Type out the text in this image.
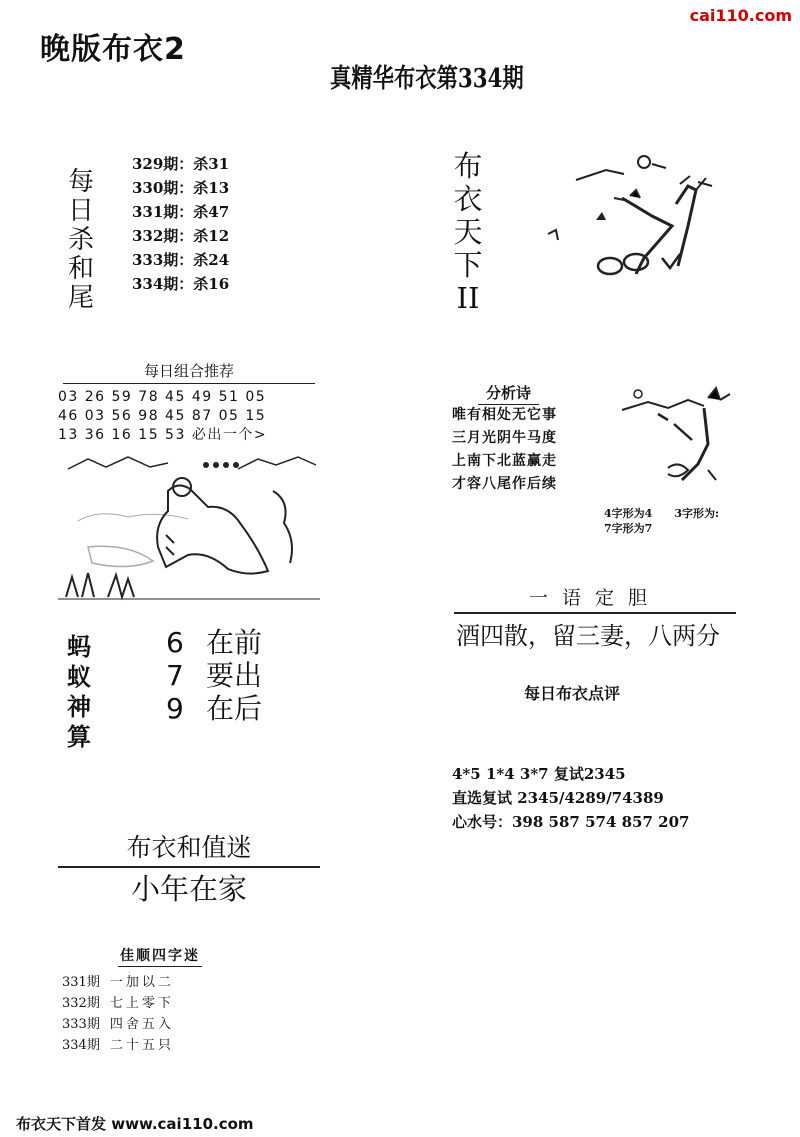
cai110.com
晚版布衣2
真精华布衣第334期
每
日
杀
和
尾
329期：杀31
330期：杀13
331期：杀47
332期：杀12
333期：杀24
334期：杀16
每日组合推荐
03 26 59 78 45 49 51 05
46 03 56 98 45 87 05 15
13 36 16 15 53 必出一个>
蚂
蚁
神
算
6 在前
7 要出
9 在后
布衣和值迷
小年在家
佳顺四字迷
331期 一加以二
332期 七上零下
333期 四舍五入
334期 二十五只
布衣天下首发 www.cai110.com
布
衣
天
下
II
分析诗
唯有相处无它事
三月光阴牛马度
上南下北蓝赢走
才容八尾作后续
4字形为4 3字形为:
7字形为7
一语定胆
酒四散，留三妻，八两分
每日布衣点评
4*5 1*4 3*7 复试2345
直选复试 2345/4289/74389
心水号：398 587 574 857 207
